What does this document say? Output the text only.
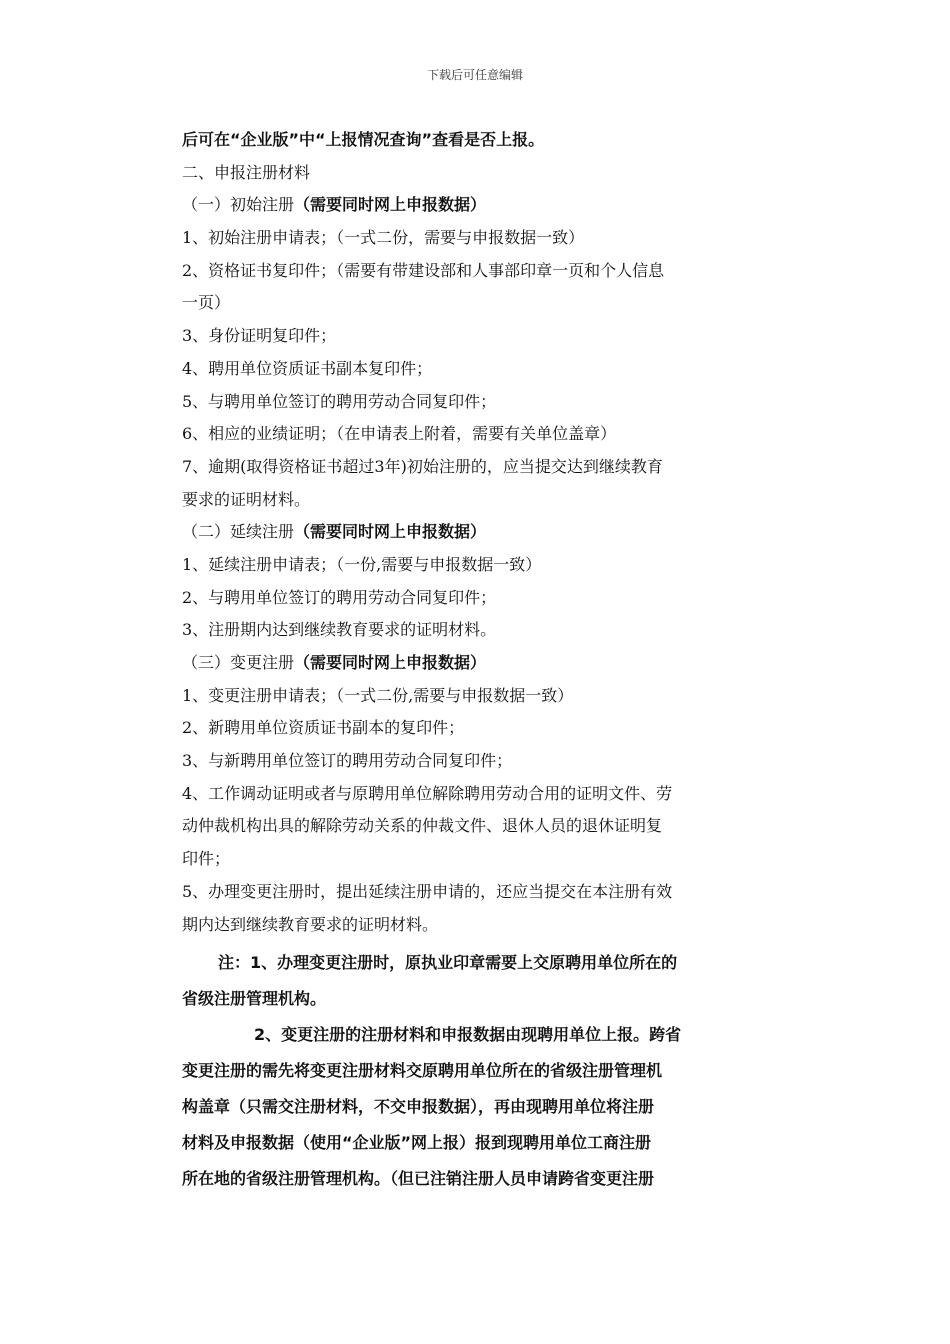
下载后可任意编辑
后可在“企业版”中“上报情况查询”查看是否上报。
二、申报注册材料
（一）初始注册（需要同时网上申报数据）
1、初始注册申请表；（一式二份，需要与申报数据一致）
2、资格证书复印件；（需要有带建设部和人事部印章一页和个人信息
一页）
3、身份证明复印件；
4、聘用单位资质证书副本复印件；
5、与聘用单位签订的聘用劳动合同复印件；
6、相应的业绩证明；（在申请表上附着，需要有关单位盖章）
7、逾期(取得资格证书超过3年)初始注册的，应当提交达到继续教育
要求的证明材料。
（二）延续注册（需要同时网上申报数据）
1、延续注册申请表；（一份,需要与申报数据一致）
2、与聘用单位签订的聘用劳动合同复印件；
3、注册期内达到继续教育要求的证明材料。
（三）变更注册（需要同时网上申报数据）
1、变更注册申请表；（一式二份,需要与申报数据一致）
2、新聘用单位资质证书副本的复印件；
3、与新聘用单位签订的聘用劳动合同复印件；
4、工作调动证明或者与原聘用单位解除聘用劳动合用的证明文件、劳
动仲裁机构出具的解除劳动关系的仲裁文件、退休人员的退休证明复
印件；
5、办理变更注册时，提出延续注册申请的，还应当提交在本注册有效
期内达到继续教育要求的证明材料。
注：1、办理变更注册时，原执业印章需要上交原聘用单位所在的
省级注册管理机构。
2、变更注册的注册材料和申报数据由现聘用单位上报。跨省
变更注册的需先将变更注册材料交原聘用单位所在的省级注册管理机
构盖章（只需交注册材料，不交申报数据），再由现聘用单位将注册
材料及申报数据（使用“企业版”网上报）报到现聘用单位工商注册
所在地的省级注册管理机构。（但已注销注册人员申请跨省变更注册
